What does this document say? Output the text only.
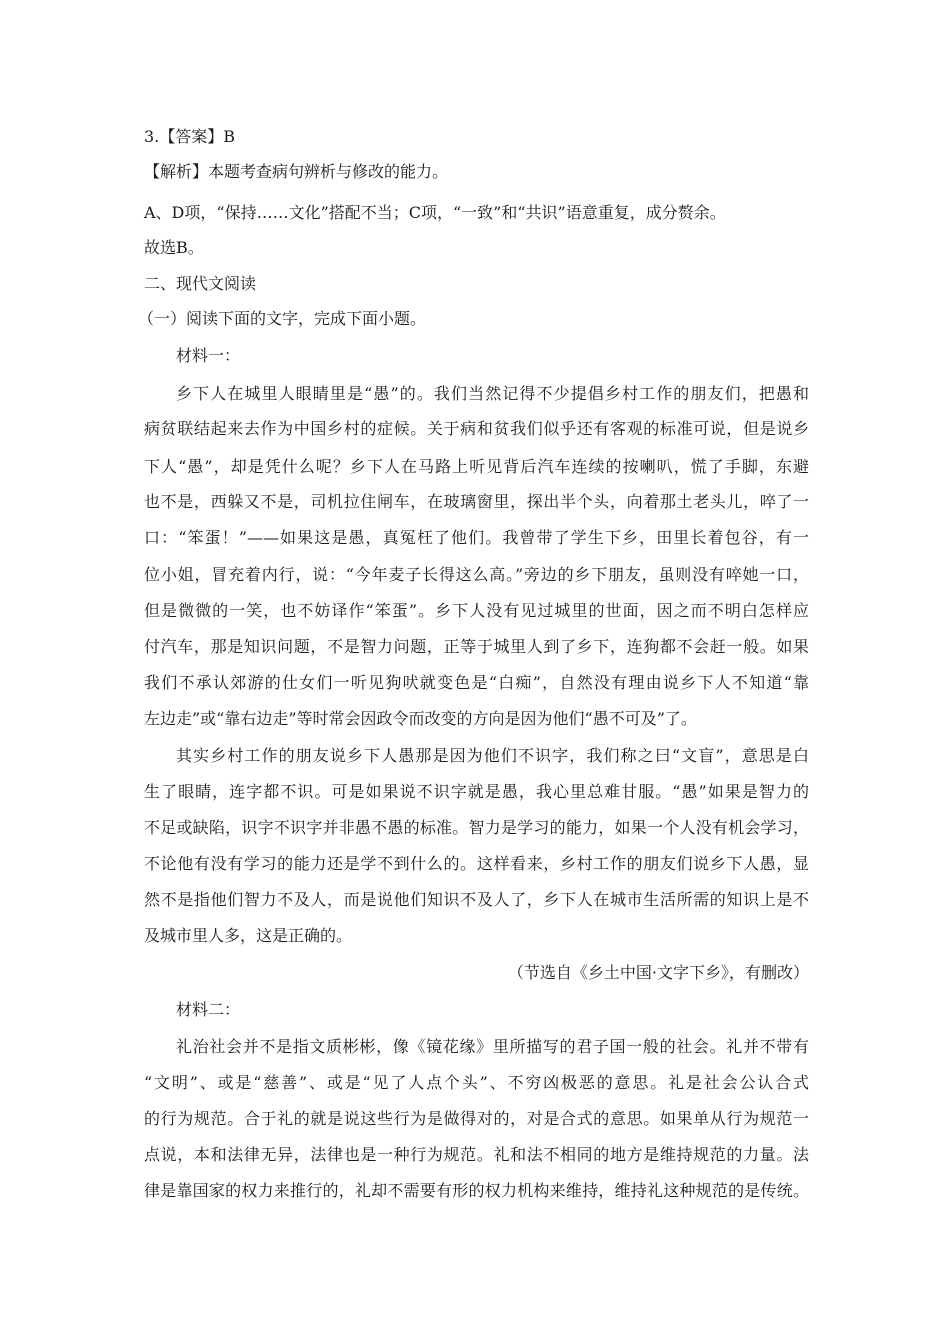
3.【答案】B
【解析】本题考查病句辨析与修改的能力。
A、D项，“保持……文化”搭配不当；C项，“一致”和“共识”语意重复，成分赘余。
故选B。
二、现代文阅读
（一）阅读下面的文字，完成下面小题。
材料一：
乡下人在城里人眼睛里是“愚”的。我们当然记得不少提倡乡村工作的朋友们，把愚和
病贫联结起来去作为中国乡村的症候。关于病和贫我们似乎还有客观的标准可说，但是说乡
下人“愚”，却是凭什么呢？乡下人在马路上听见背后汽车连续的按喇叭，慌了手脚，东避
也不是，西躲又不是，司机拉住闸车，在玻璃窗里，探出半个头，向着那土老头儿，啐了一
口：“笨蛋！”——如果这是愚，真冤枉了他们。我曾带了学生下乡，田里长着包谷，有一
位小姐，冒充着内行，说：“今年麦子长得这么高。”旁边的乡下朋友，虽则没有啐她一口，
但是微微的一笑，也不妨译作“笨蛋”。乡下人没有见过城里的世面，因之而不明白怎样应
付汽车，那是知识问题，不是智力问题，正等于城里人到了乡下，连狗都不会赶一般。如果
我们不承认郊游的仕女们一听见狗吠就变色是“白痴”，自然没有理由说乡下人不知道“靠
左边走”或“靠右边走”等时常会因政令而改变的方向是因为他们“愚不可及”了。
其实乡村工作的朋友说乡下人愚那是因为他们不识字，我们称之曰“文盲”，意思是白
生了眼睛，连字都不识。可是如果说不识字就是愚，我心里总难甘服。“愚”如果是智力的
不足或缺陷，识字不识字并非愚不愚的标准。智力是学习的能力，如果一个人没有机会学习，
不论他有没有学习的能力还是学不到什么的。这样看来，乡村工作的朋友们说乡下人愚，显
然不是指他们智力不及人，而是说他们知识不及人了，乡下人在城市生活所需的知识上是不
及城市里人多，这是正确的。
（节选自《乡土中国·文字下乡》，有删改）
材料二：
礼治社会并不是指文质彬彬，像《镜花缘》里所描写的君子国一般的社会。礼并不带有
“文明”、或是“慈善”、或是“见了人点个头”、不穷凶极恶的意思。礼是社会公认合式
的行为规范。合于礼的就是说这些行为是做得对的，对是合式的意思。如果单从行为规范一
点说，本和法律无异，法律也是一种行为规范。礼和法不相同的地方是维持规范的力量。法
律是靠国家的权力来推行的，礼却不需要有形的权力机构来维持，维持礼这种规范的是传统。
